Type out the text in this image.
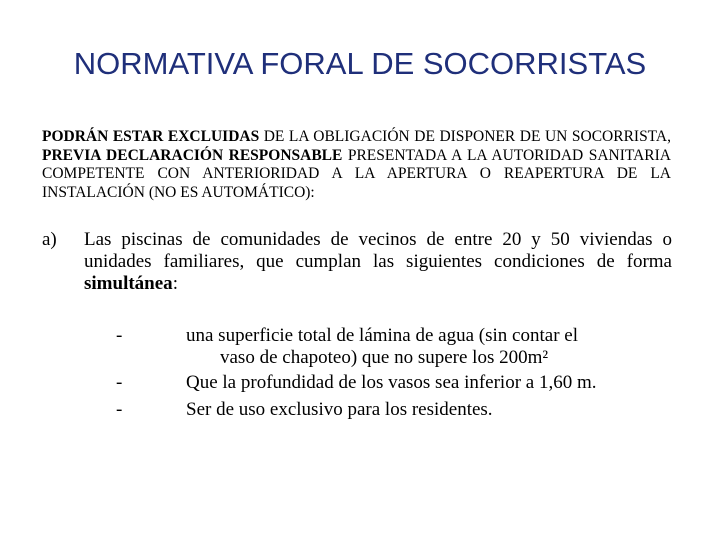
NORMATIVA FORAL DE SOCORRISTAS
PODRÁN ESTAR EXCLUIDAS DE LA OBLIGACIÓN DE DISPONER DE UN SOCORRISTA, PREVIA DECLARACIÓN RESPONSABLE PRESENTADA A LA AUTORIDAD SANITARIA COMPETENTE CON ANTERIORIDAD A LA APERTURA O REAPERTURA DE LA INSTALACIÓN (NO ES AUTOMÁTICO):
a) Las piscinas de comunidades de vecinos de entre 20 y 50 viviendas o unidades familiares, que cumplan las siguientes condiciones de forma simultánea:
-	una superficie total de lámina de agua (sin contar el
vaso de chapoteo) que no supere los 200m²
-	Que la profundidad de los vasos sea inferior a 1,60 m.
-	Ser de uso exclusivo para los residentes.
